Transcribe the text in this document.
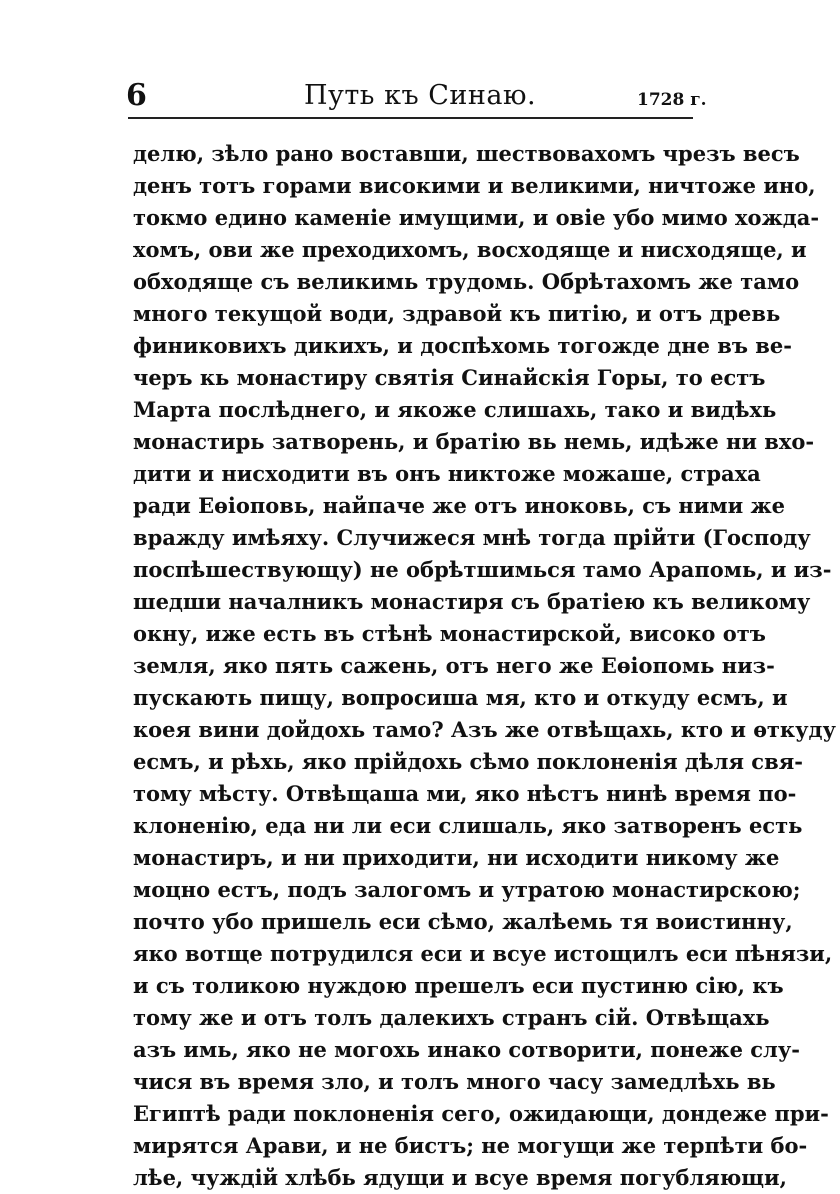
6	Путь къ Синаю.	1728 г.
делю, зѣло рано воставши, шествовахомъ чрезъ весъ
денъ тотъ горами високими и великими, ничтоже ино,
токмо едино каменіе имущими, и овіе убо мимо хождa-
хомъ, ови же преходихомъ, восходяще и нисходяще, и
обходяще съ великимь трудомь. Обрѣтахомъ же тамо
много текущой води, здравой къ питію, и отъ древь
финиковихъ дикихъ, и доспѣхомь тогожде дне въ ве-
черъ кь монастиру святія Синайскія Горы, то естъ
Марта послѣднего, и якоже слишахь, тако и видѣхь
монастирь затворень, и братію вь немь, идѣже ни вхо-
дити и нисходити въ онъ никтоже можаше, страха
ради Еѳіоповь, найпаче же отъ иноковь, съ ними же
вражду имѣяху. Случижеся мнѣ тогда прійти (Господу
поспѣшествующу) не обрѣтшимься тамо Арапомь, и из-
шедши началникъ монастиря съ братіею къ великому
окну, иже есть въ стѣнѣ монастирской, високо отъ
земля, яко пять сажень, отъ него же Еѳіопомь низ-
пускають пищу, вопросиша мя, кто и откуду есмъ, и
коея вини дойдохь тамо? Азъ же отвѣщахь, кто и ѳткуду
есмъ, и рѣхь, яко прійдохь сѣмо поклоненія дѣля свя-
тому мѣсту. Отвѣщаша ми, яко нѣстъ нинѣ время по-
клоненію, еда ни ли еси слишаль, яко затворенъ есть
монастиръ, и ни приходити, ни исходити никому же
моцно естъ, подъ залогомъ и утратою монастирскою;
почто убо пришель еси сѣмо, жалѣемь тя воистинну,
яко вотще потрудился еси и всуе истощилъ еси пѣнязи,
и съ толикою нуждою прешелъ еси пустиню сію, къ
тому же и отъ толъ далекихъ странъ сій. Отвѣщахь
азъ имь, яко не могохь инако сотворити, понеже слу-
чися въ время зло, и толъ много часу замедлѣхь вь
Египтѣ ради поклоненія сего, ожидающи, дондеже при-
мирятся Арави, и не бистъ; не могущи же терпѣти бо-
лѣе, чуждій хлѣбь ядущи и всуе время погубляющи,
